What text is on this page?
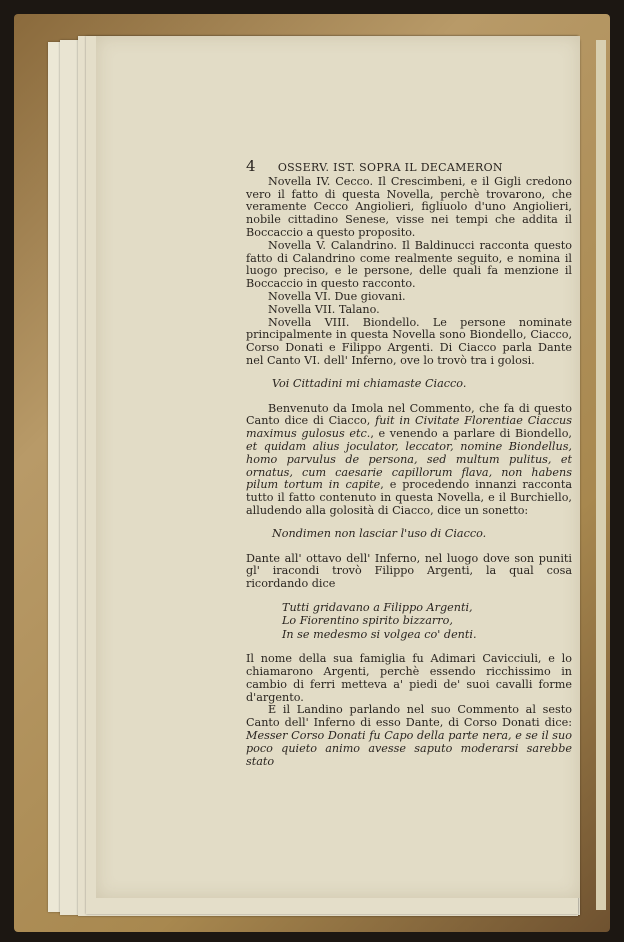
4 OSSERV. IST. SOPRA IL DECAMERON

Novella IV. Cecco. Il Crescimbeni, e il Gigli credono vero il fatto di questa Novella, perchè trovarono, che veramente Cecco Angiolieri, figliuolo d'uno Angiolieri, nobile cittadino Senese, visse nei tempi che addita il Boccaccio a questo proposito.

Novella V. Calandrino. Il Baldinucci racconta questo fatto di Calandrino come realmente seguito, e nomina il luogo preciso, e le persone, delle quali fa menzione il Boccaccio in questo racconto.

Novella VI. Due giovani.

Novella VII. Talano.

Novella VIII. Biondello. Le persone nominate principalmente in questa Novella sono Biondello, Ciacco, Corso Donati e Filippo Argenti. Di Ciacco parla Dante nel Canto VI. dell' Inferno, ove lo trovò tra i golosi.

Voi Cittadini mi chiamaste Ciacco.

Benvenuto da Imola nel Commento, che fa di questo Canto dice di Ciacco, fuit in Civitate Florentiae Ciaccus maximus gulosus etc., e venendo a parlare di Biondello, et quidam alius joculator, leccator, nomine Biondellus, homo parvulus de persona, sed multum pulitus, et ornatus, cum caesarie capillorum flava, non habens pilum tortum in capite, e procedendo innanzi racconta tutto il fatto contenuto in questa Novella, e il Burchiello, alludendo alla golosità di Ciacco, dice un sonetto:

Nondimen non lasciar l'uso di Ciacco.

Dante all' ottavo dell' Inferno, nel luogo dove son puniti gl' iracondi trovò Filippo Argenti, la qual cosa ricordando dice

Tutti gridavano a Filippo Argenti,
Lo Fiorentino spirito bizzarro,
In se medesmo si volgea co' denti.

Il nome della sua famiglia fu Adimari Cavicciuli, e lo chiamarono Argenti, perchè essendo ricchissimo in cambio di ferri metteva a' piedi de' suoi cavalli forme d'argento.

E il Landino parlando nel suo Commento al sesto Canto dell' Inferno di esso Dante, di Corso Donati dice: Messer Corso Donati fu Capo della parte nera, e se il suo poco quieto animo avesse saputo moderarsi sarebbe stato
